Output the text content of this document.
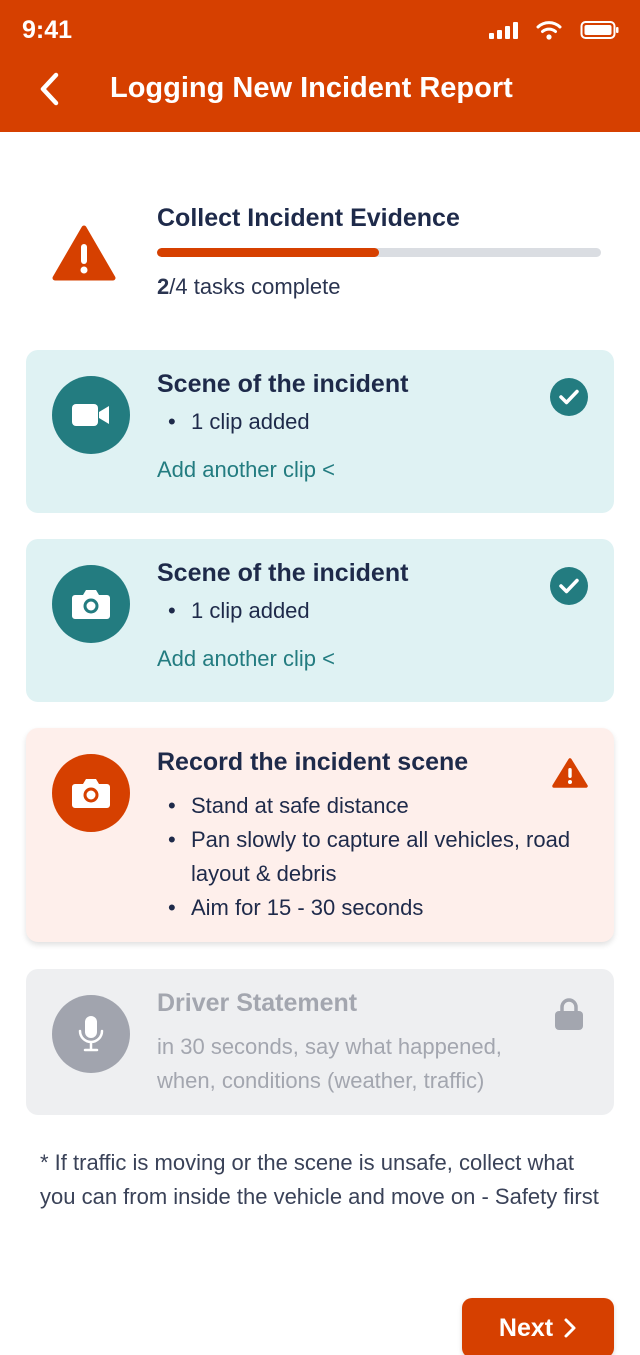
9:41
Logging New Incident Report
Collect Incident Evidence
2/4 tasks complete
Scene of the incident
• 1 clip added
Add another clip <
Scene of the incident
• 1 clip added
Add another clip <
Record the incident scene
• Stand at safe distance
• Pan slowly to capture all vehicles, road layout & debris
• Aim for 15 - 30 seconds
Driver Statement

in 30 seconds, say what happened, when, conditions (weather, traffic)

* If traffic is moving or the scene is unsafe, collect what you can from inside the vehicle and move on - Safety first

Next
